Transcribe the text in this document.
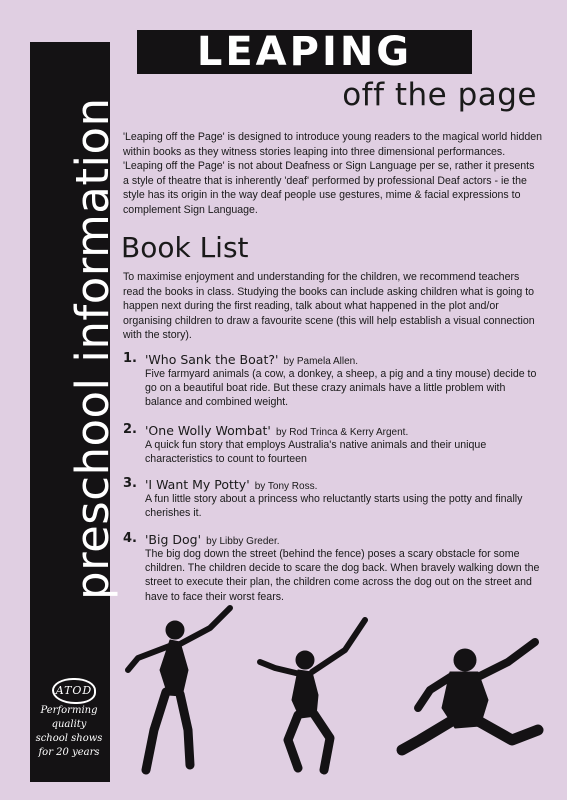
preschool information
ATOD
Performing
quality
school shows
for 20 years
LEAPING
off the page

'Leaping off the Page' is designed to introduce young readers to the magical world hidden within books as they witness stories leaping into three dimensional performances. 'Leaping off the Page' is not about Deafness or Sign Language per se, rather it presents a style of theatre that is inherently 'deaf' performed by professional Deaf actors - ie the style has its origin in the way deaf people use gestures, mime & facial expressions to complement Sign Language.

Book List

To maximise enjoyment and understanding for the children, we recommend teachers read the books in class. Studying the books can include asking children what is going to happen next during the first reading, talk about what happened in the plot and/or organising children to draw a favourite scene (this will help establish a visual connection with the story).

1. 'Who Sank the Boat?' by Pamela Allen.

Five farmyard animals (a cow, a donkey, a sheep, a pig and a tiny mouse) decide to go on a beautiful boat ride. But these crazy animals have a little problem with balance and combined weight.

2. 'One Wolly Wombat' by Rod Trinca & Kerry Argent.

A quick fun story that employs Australia's native animals and their unique characteristics to count to fourteen

3. 'I Want My Potty' by Tony Ross.

A fun little story about a princess who reluctantly starts using the potty and finally cherishes it.

4. 'Big Dog' by Libby Greder.

The big dog down the street (behind the fence) poses a scary obstacle for some children. The children decide to scare the dog back. When bravely walking down the street to execute their plan, the children come across the dog out on the street and have to face their worst fears.
